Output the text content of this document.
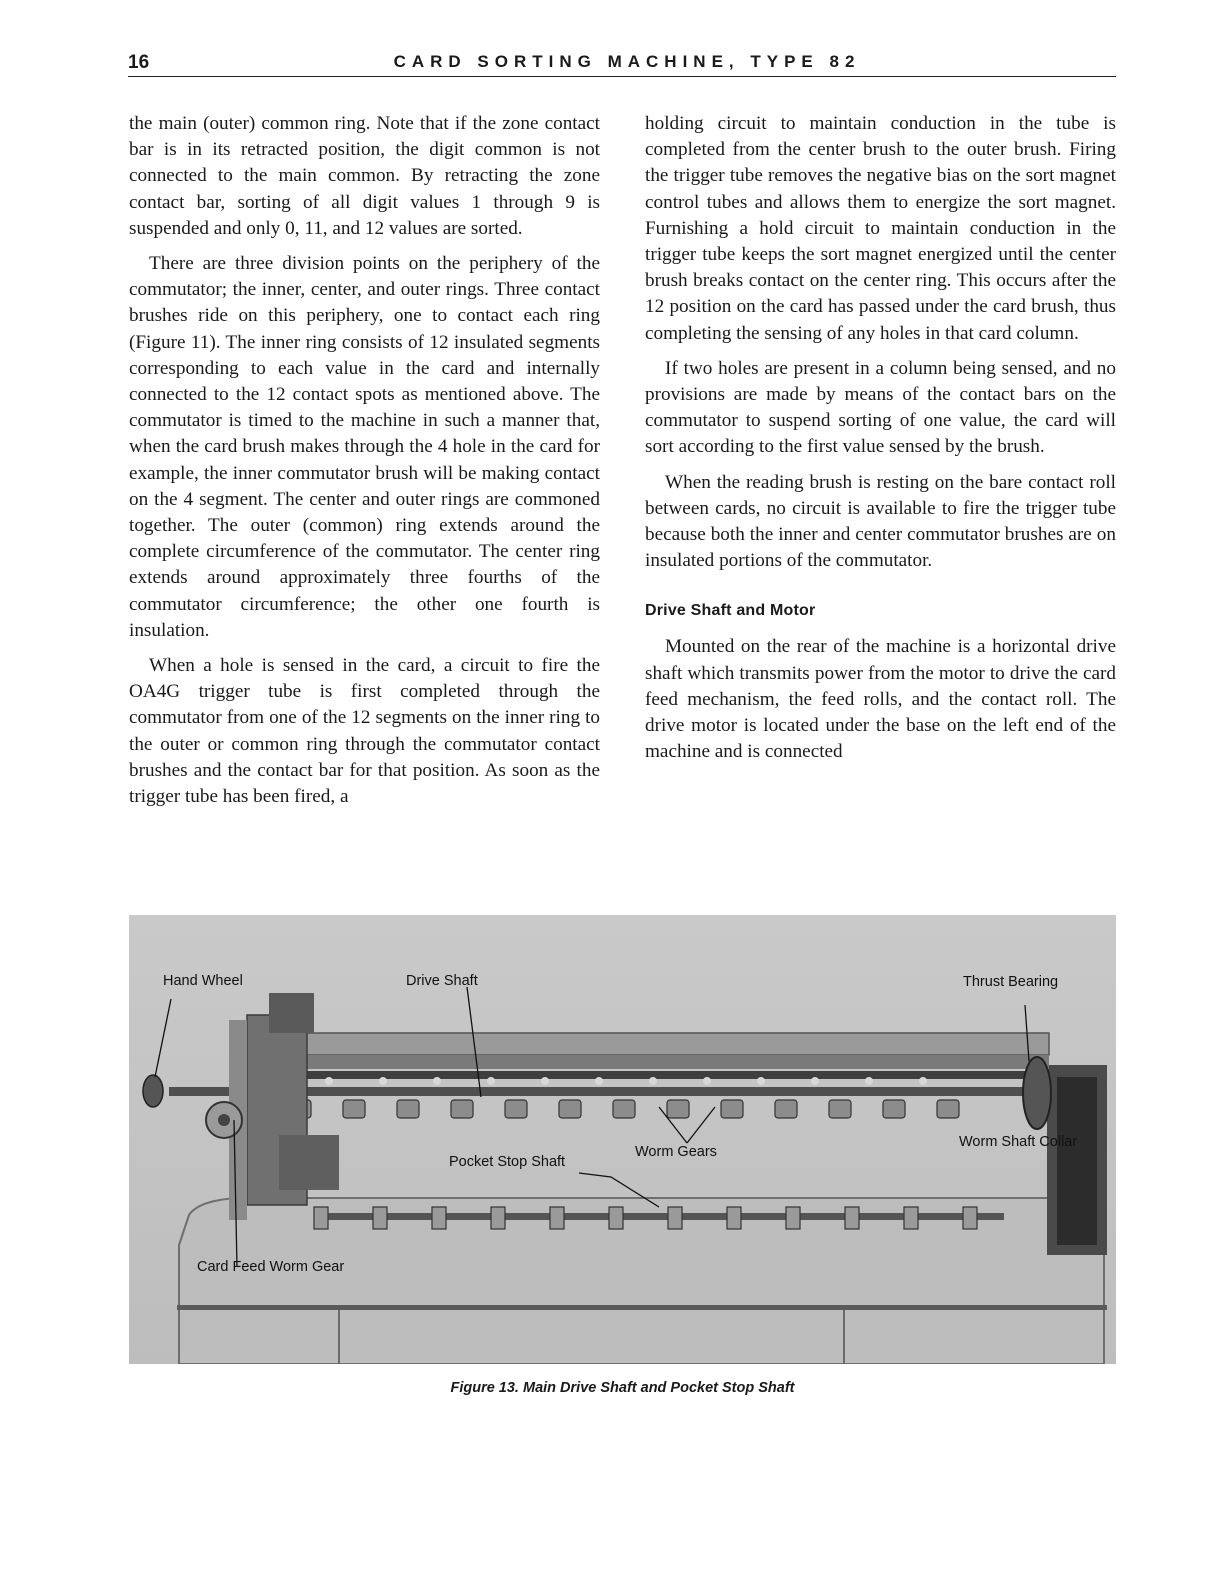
16	CARD SORTING MACHINE, TYPE 82

the main (outer) common ring. Note that if the zone contact bar is in its retracted position, the digit common is not connected to the main common. By retracting the zone contact bar, sorting of all digit values 1 through 9 is suspended and only 0, 11, and 12 values are sorted.

There are three division points on the periphery of the commutator; the inner, center, and outer rings. Three contact brushes ride on this periphery, one to contact each ring (Figure 11). The inner ring consists of 12 insulated segments corresponding to each value in the card and internally connected to the 12 contact spots as mentioned above. The commutator is timed to the machine in such a manner that, when the card brush makes through the 4 hole in the card for example, the inner commutator brush will be making contact on the 4 segment. The center and outer rings are commoned together. The outer (common) ring extends around the complete circumference of the commutator. The center ring extends around approximately three fourths of the commutator circumference; the other one fourth is insulation.

When a hole is sensed in the card, a circuit to fire the OA4G trigger tube is first completed through the commutator from one of the 12 segments on the inner ring to the outer or common ring through the commutator contact brushes and the contact bar for that position. As soon as the trigger tube has been fired, a

holding circuit to maintain conduction in the tube is completed from the center brush to the outer brush. Firing the trigger tube removes the negative bias on the sort magnet control tubes and allows them to energize the sort magnet. Furnishing a hold circuit to maintain conduction in the trigger tube keeps the sort magnet energized until the center brush breaks contact on the center ring. This occurs after the 12 position on the card has passed under the card brush, thus completing the sensing of any holes in that card column.

If two holes are present in a column being sensed, and no provisions are made by means of the contact bars on the commutator to suspend sorting of one value, the card will sort according to the first value sensed by the brush.

When the reading brush is resting on the bare contact roll between cards, no circuit is available to fire the trigger tube because both the inner and center commutator brushes are on insulated portions of the commutator.

Drive Shaft and Motor

Mounted on the rear of the machine is a horizontal drive shaft which transmits power from the motor to drive the card feed mechanism, the feed rolls, and the contact roll. The drive motor is located under the base on the left end of the machine and is connected

Hand Wheel	Drive Shaft	Thrust Bearing
Worm Gears
Pocket Stop Shaft
Worm Shaft Collar
Card Feed Worm Gear
Figure 13. Main Drive Shaft and Pocket Stop Shaft
